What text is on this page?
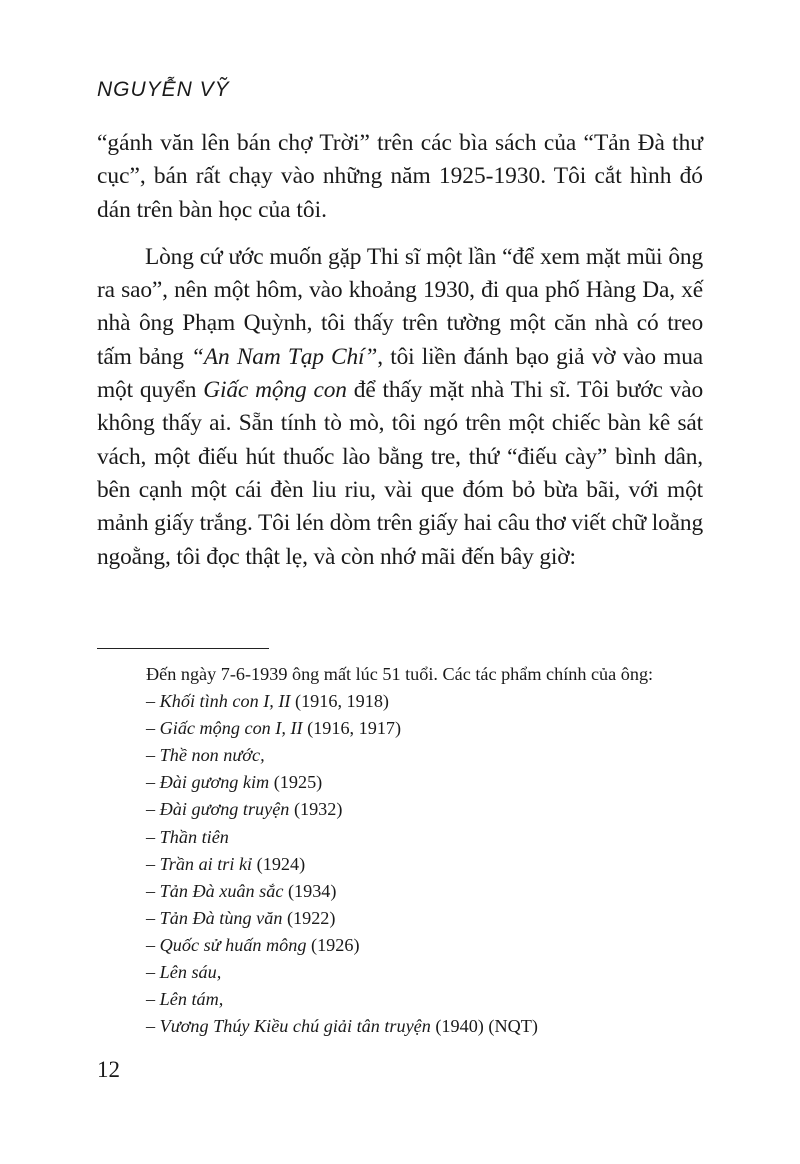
NGUYỄN VỸ

“gánh văn lên bán chợ Trời” trên các bìa sách của “Tản Đà thư cục”, bán rất chạy vào những năm 1925-1930. Tôi cắt hình đó dán trên bàn học của tôi.

Lòng cứ ước muốn gặp Thi sĩ một lần “để xem mặt mũi ông ra sao”, nên một hôm, vào khoảng 1930, đi qua phố Hàng Da, xế nhà ông Phạm Quỳnh, tôi thấy trên tường một căn nhà có treo tấm bảng “An Nam Tạp Chí”, tôi liền đánh bạo giả vờ vào mua một quyển Giấc mộng con để thấy mặt nhà Thi sĩ. Tôi bước vào không thấy ai. Sẵn tính tò mò, tôi ngó trên một chiếc bàn kê sát vách, một điếu hút thuốc lào bằng tre, thứ “điếu cày” bình dân, bên cạnh một cái đèn liu riu, vài que đóm bỏ bừa bãi, với một mảnh giấy trắng. Tôi lén dòm trên giấy hai câu thơ viết chữ loằng ngoằng, tôi đọc thật lẹ, và còn nhớ mãi đến bây giờ:

Đến ngày 7-6-1939 ông mất lúc 51 tuổi. Các tác phẩm chính của ông:

– Khối tình con I, II (1916, 1918)
– Giấc mộng con I, II (1916, 1917)
– Thề non nước,
– Đài gương kim (1925)
– Đài gương truyện (1932)
– Thần tiên
– Trần ai tri kỉ (1924)
– Tản Đà xuân sắc (1934)
– Tản Đà tùng văn (1922)
– Quốc sử huấn mông (1926)
– Lên sáu,
– Lên tám,
– Vương Thúy Kiều chú giải tân truyện (1940) (NQT)

12
